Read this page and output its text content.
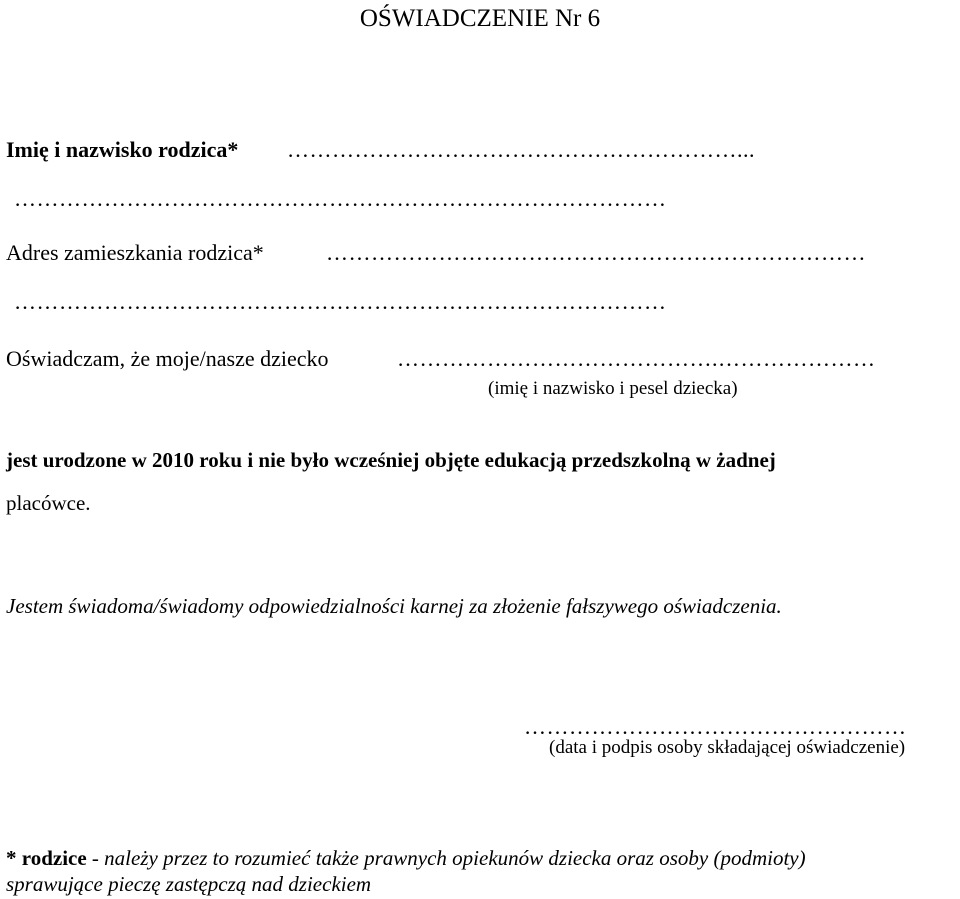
OŚWIADCZENIE Nr 6
Imię i nazwisko rodzica* ……………………………………………………...
……………………………………………………………………………
Adres zamieszkania rodzica*	………………………………………………………………
……………………………………………………………………………
Oświadczam, że moje/nasze dziecko	…………………………………….…………………
(imię i nazwisko i pesel dziecka)
jest urodzone w 2010 roku i nie było wcześniej objęte edukacją przedszkolną w żadnej
placówce.
Jestem świadoma/świadomy odpowiedzialności karnej za złożenie fałszywego oświadczenia.
……………………………………………
(data i podpis osoby składającej oświadczenie)
* rodzice - należy przez to rozumieć także prawnych opiekunów dziecka oraz osoby (podmioty)
sprawujące pieczę zastępczą nad dzieckiem
